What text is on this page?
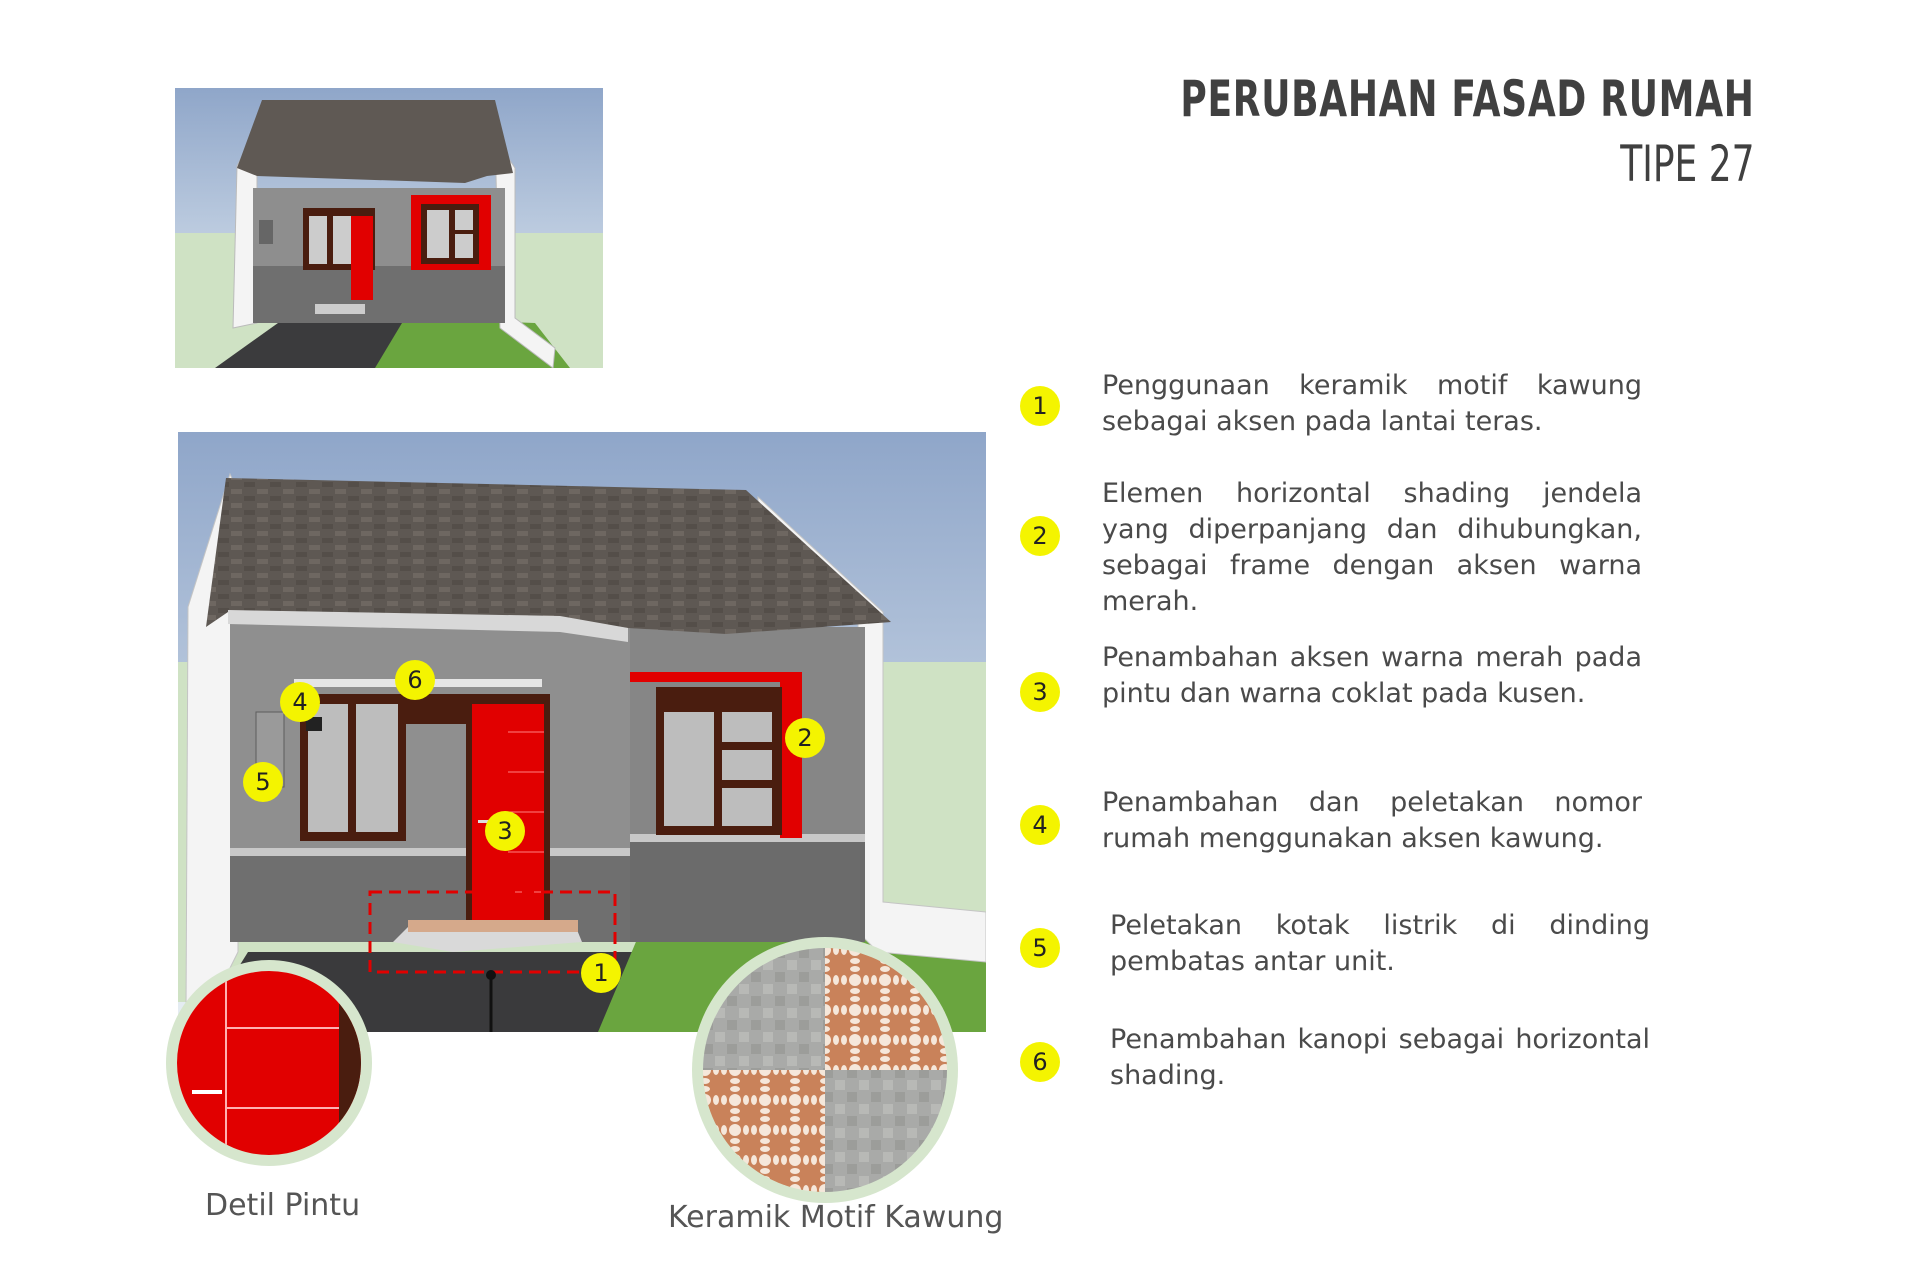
PERUBAHAN FASAD RUMAH
TIPE 27
1
2
3
4
5
6
Detil Pintu	Keramik Motif Kawung
1
Penggunaan keramik motif kawung sebagai aksen pada lantai teras.
2
Elemen horizontal shading jendela yang diperpanjang dan dihubungkan, sebagai frame dengan aksen warna merah.
3
Penambahan aksen warna merah pada pintu dan warna coklat pada kusen.
4
Penambahan dan peletakan nomor rumah menggunakan aksen kawung.
5
Peletakan kotak listrik di dinding pembatas antar unit.
6
Penambahan kanopi sebagai horizontal shading.
